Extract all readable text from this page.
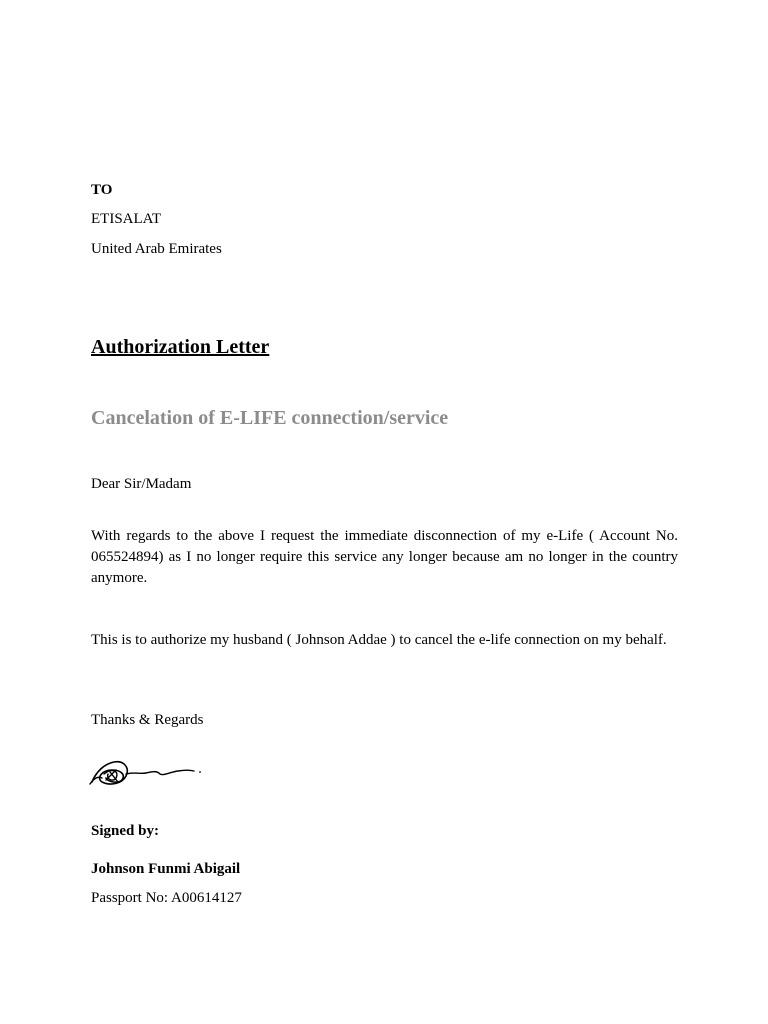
TO
ETISALAT
United Arab Emirates
Authorization Letter
Cancelation of E-LIFE connection/service
Dear Sir/Madam
With regards to the above I request the immediate disconnection of my e-Life ( Account No. 065524894) as I no longer require this service any longer because am no longer in the country anymore.
This is to authorize my husband ( Johnson Addae ) to cancel the e-life connection on my behalf.
Thanks & Regards
Signed by:
Johnson Funmi Abigail
Passport No: A00614127
